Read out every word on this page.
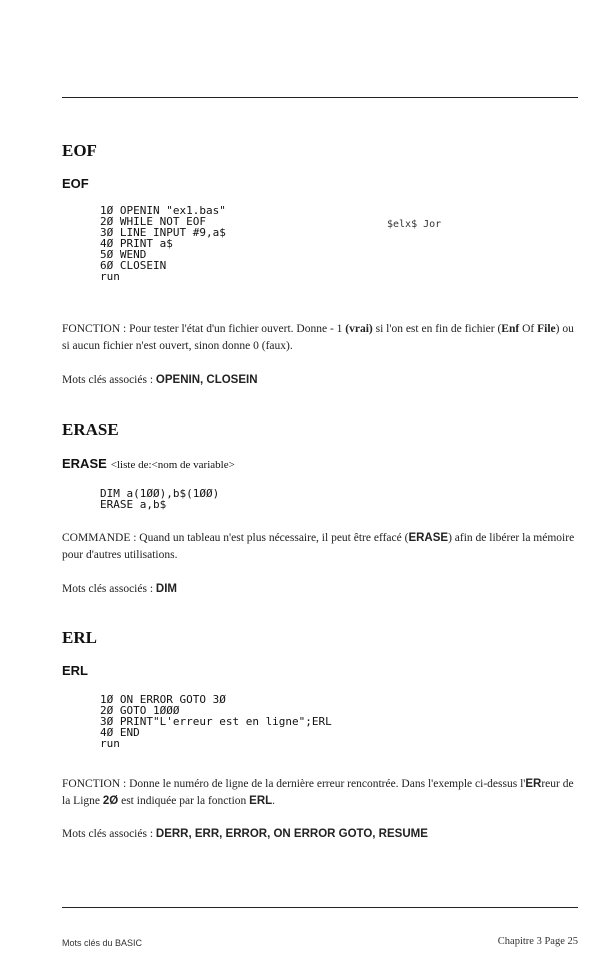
EOF
EOF
1Ø OPENIN "ex1.bas"
2Ø WHILE NOT EOF
3Ø LINE INPUT #9,a$
4Ø PRINT a$
5Ø WEND
6Ø CLOSEIN
run
$elx$ Jor

FONCTION : Pour tester l'état d'un fichier ouvert. Donne - 1 (vrai) si l'on est en fin de fichier (Enf Of File) ou si aucun fichier n'est ouvert, sinon donne 0 (faux).

Mots clés associés : OPENIN, CLOSEIN

ERASE
ERASE <liste de:<nom de variable>
DIM a(1ØØ),b$(1ØØ)
ERASE a,b$

COMMANDE : Quand un tableau n'est plus nécessaire, il peut être effacé (ERASE) afin de libérer la mémoire pour d'autres utilisations.

Mots clés associés : DIM

ERL
ERL
1Ø ON ERROR GOTO 3Ø
2Ø GOTO 1ØØØ
3Ø PRINT"L'erreur est en ligne";ERL
4Ø END
run

FONCTION : Donne le numéro de ligne de la dernière erreur rencontrée. Dans l'exemple ci-dessus l'ERreur de la Ligne 2Ø est indiquée par la fonction ERL.

Mots clés associés : DERR, ERR, ERROR, ON ERROR GOTO, RESUME

Mots clés du BASIC	Chapitre 3 Page 25
